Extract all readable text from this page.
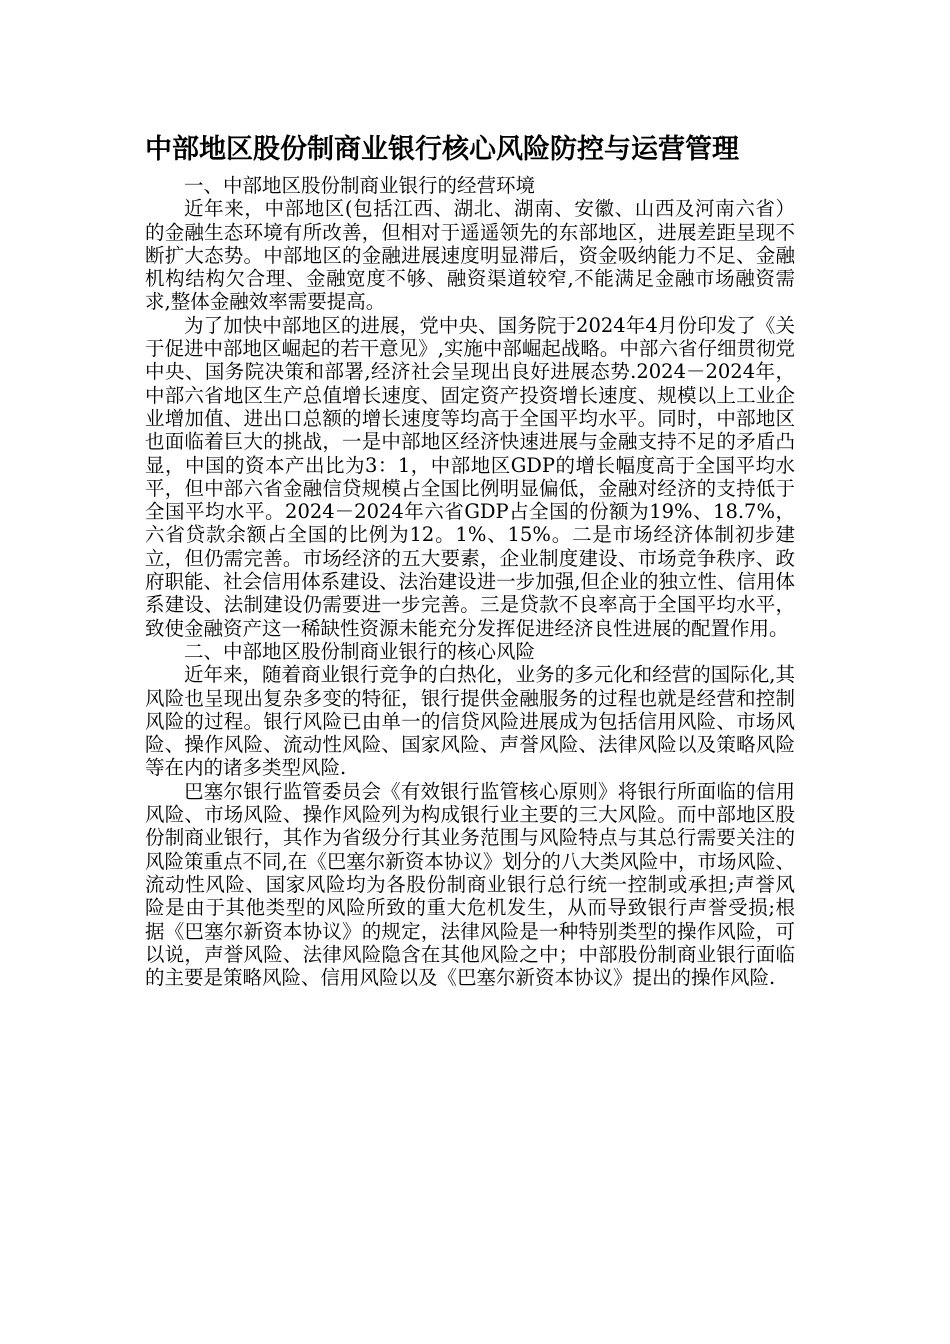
中部地区股份制商业银行核心风险防控与运营管理

一、中部地区股份制商业银行的经营环境

近年来，中部地区(包括江西、湖北、湖南、安徽、山西及河南六省）的金融生态环境有所改善，但相对于遥遥领先的东部地区，进展差距呈现不断扩大态势。中部地区的金融进展速度明显滞后，资金吸纳能力不足、金融机构结构欠合理、金融宽度不够、融资渠道较窄,不能满足金融市场融资需求,整体金融效率需要提高。

为了加快中部地区的进展，党中央、国务院于2024年4月份印发了《关于促进中部地区崛起的若干意见》,实施中部崛起战略。中部六省仔细贯彻党中央、国务院决策和部署,经济社会呈现出良好进展态势.2024－2024年，中部六省地区生产总值增长速度、固定资产投资增长速度、规模以上工业企业增加值、进出口总额的增长速度等均高于全国平均水平。同时，中部地区也面临着巨大的挑战，一是中部地区经济快速进展与金融支持不足的矛盾凸显，中国的资本产出比为3：1，中部地区GDP的增长幅度高于全国平均水平，但中部六省金融信贷规模占全国比例明显偏低，金融对经济的支持低于全国平均水平。2024－2024年六省GDP占全国的份额为19%、18.7%，六省贷款余额占全国的比例为12。1%、15%。二是市场经济体制初步建立，但仍需完善。市场经济的五大要素，企业制度建设、市场竞争秩序、政府职能、社会信用体系建设、法治建设进一步加强,但企业的独立性、信用体系建设、法制建设仍需要进一步完善。三是贷款不良率高于全国平均水平，致使金融资产这一稀缺性资源未能充分发挥促进经济良性进展的配置作用。

二、中部地区股份制商业银行的核心风险

近年来，随着商业银行竞争的白热化，业务的多元化和经营的国际化,其风险也呈现出复杂多变的特征，银行提供金融服务的过程也就是经营和控制风险的过程。银行风险已由单一的信贷风险进展成为包括信用风险、市场风险、操作风险、流动性风险、国家风险、声誉风险、法律风险以及策略风险等在内的诸多类型风险.

巴塞尔银行监管委员会《有效银行监管核心原则》将银行所面临的信用风险、市场风险、操作风险列为构成银行业主要的三大风险。而中部地区股份制商业银行，其作为省级分行其业务范围与风险特点与其总行需要关注的风险策重点不同,在《巴塞尔新资本协议》划分的八大类风险中，市场风险、流动性风险、国家风险均为各股份制商业银行总行统一控制或承担;声誉风险是由于其他类型的风险所致的重大危机发生，从而导致银行声誉受损;根据《巴塞尔新资本协议》的规定，法律风险是一种特别类型的操作风险，可以说，声誉风险、法律风险隐含在其他风险之中；中部股份制商业银行面临的主要是策略风险、信用风险以及《巴塞尔新资本协议》提出的操作风险.
